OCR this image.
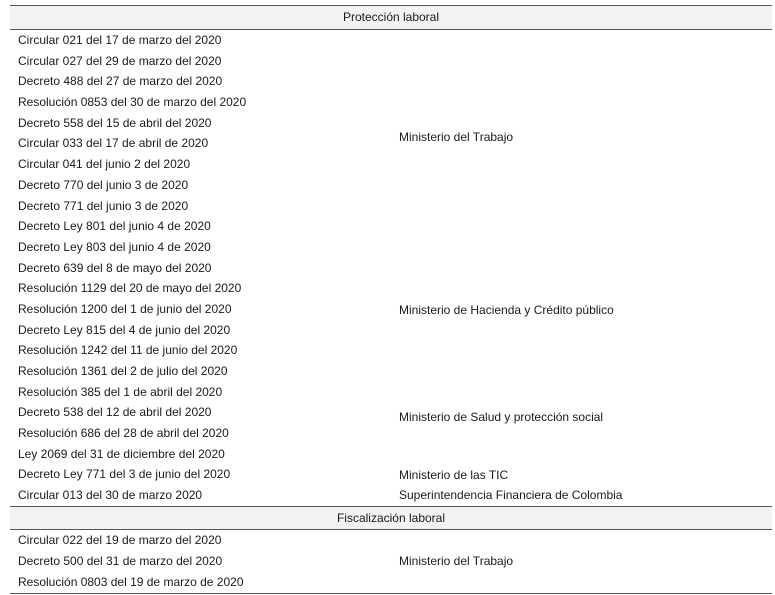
Protección laboral
Circular 021 del 17 de marzo del 2020
Circular 027 del 29 de marzo del 2020
Decreto 488 del 27 de marzo del 2020
Resolución 0853 del 30 de marzo del 2020
Decreto 558 del 15 de abril del 2020
Circular 033 del 17 de abril de 2020
Circular 041 del junio 2 del 2020
Decreto 770 del junio 3 de 2020
Decreto 771 del junio 3 de 2020
Decreto Ley 801 del junio 4 de 2020
Decreto Ley 803 del junio 4 de 2020
Ministerio del Trabajo
Decreto 639 del 8 de mayo del 2020
Resolución 1129 del 20 de mayo del 2020
Resolución 1200 del 1 de junio del 2020
Decreto Ley 815 del 4 de junio del 2020
Resolución 1242 del 11 de junio del 2020
Resolución 1361 del 2 de julio del 2020
Ministerio de Hacienda y Crédito público
Resolución 385 del 1 de abril del 2020
Decreto 538 del 12 de abril del 2020
Resolución 686 del 28 de abril del 2020
Ley 2069 del 31 de diciembre del 2020
Ministerio de Salud y protección social
Decreto Ley 771 del 3 de junio del 2020	Ministerio de las TIC
Circular 013 del 30 de marzo 2020	Superintendencia Financiera de Colombia
Fiscalización laboral
Circular 022 del 19 de marzo del 2020
Decreto 500 del 31 de marzo del 2020
Resolución 0803 del 19 de marzo de 2020
Ministerio del Trabajo
